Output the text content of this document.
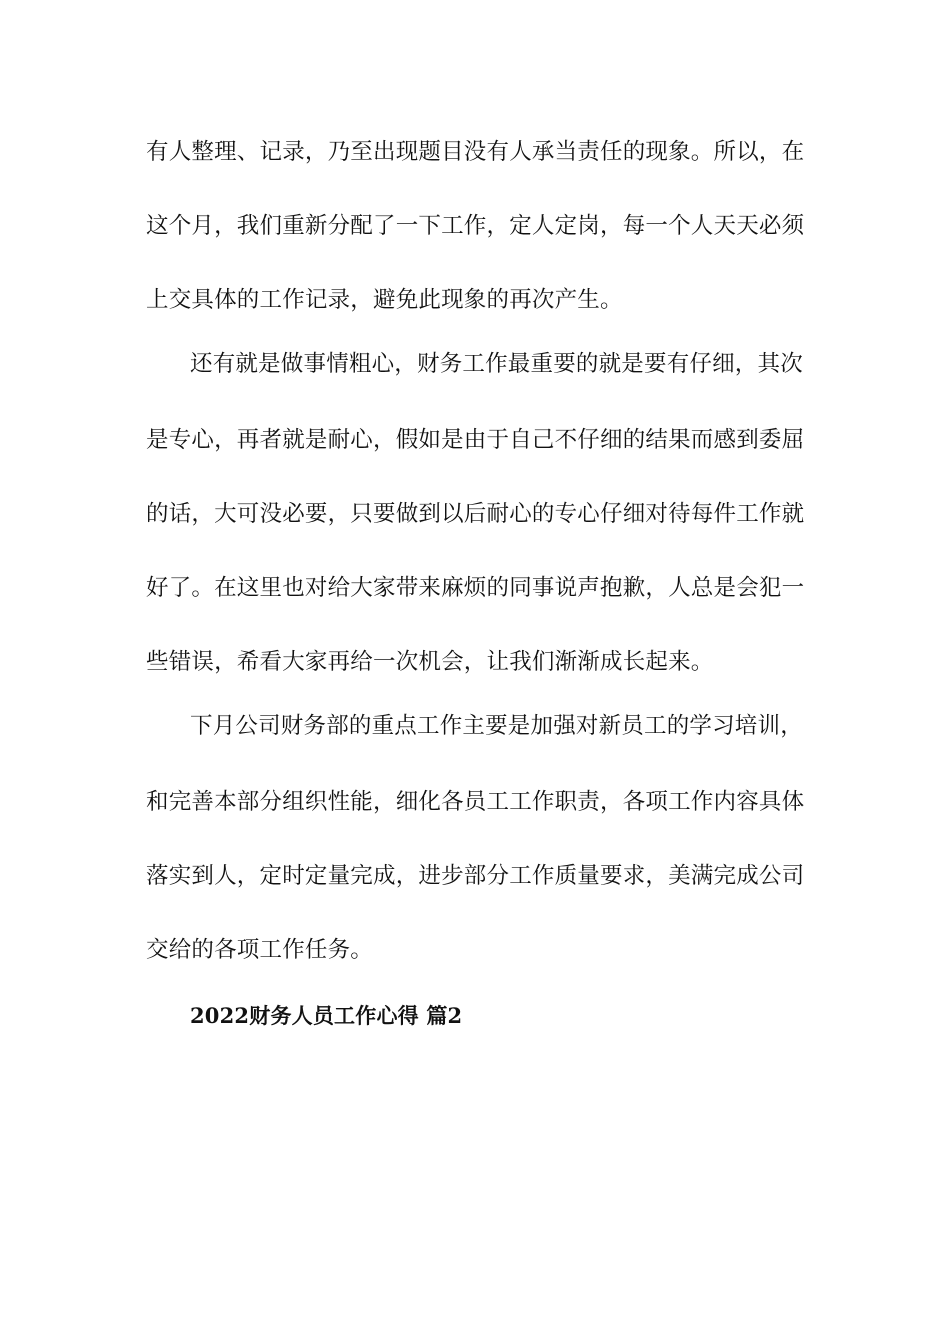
有人整理、记录，乃至出现题目没有人承当责任的现象。所以，在
这个月，我们重新分配了一下工作，定人定岗，每一个人天天必须
上交具体的工作记录，避免此现象的再次产生。
还有就是做事情粗心，财务工作最重要的就是要有仔细，其次
是专心，再者就是耐心，假如是由于自己不仔细的结果而感到委屈
的话，大可没必要，只要做到以后耐心的专心仔细对待每件工作就
好了。在这里也对给大家带来麻烦的同事说声抱歉，人总是会犯一
些错误，希看大家再给一次机会，让我们渐渐成长起来。
下月公司财务部的重点工作主要是加强对新员工的学习培训，
和完善本部分组织性能，细化各员工工作职责，各项工作内容具体
落实到人，定时定量完成，进步部分工作质量要求，美满完成公司
交给的各项工作任务。
2022财务人员工作心得 篇2
